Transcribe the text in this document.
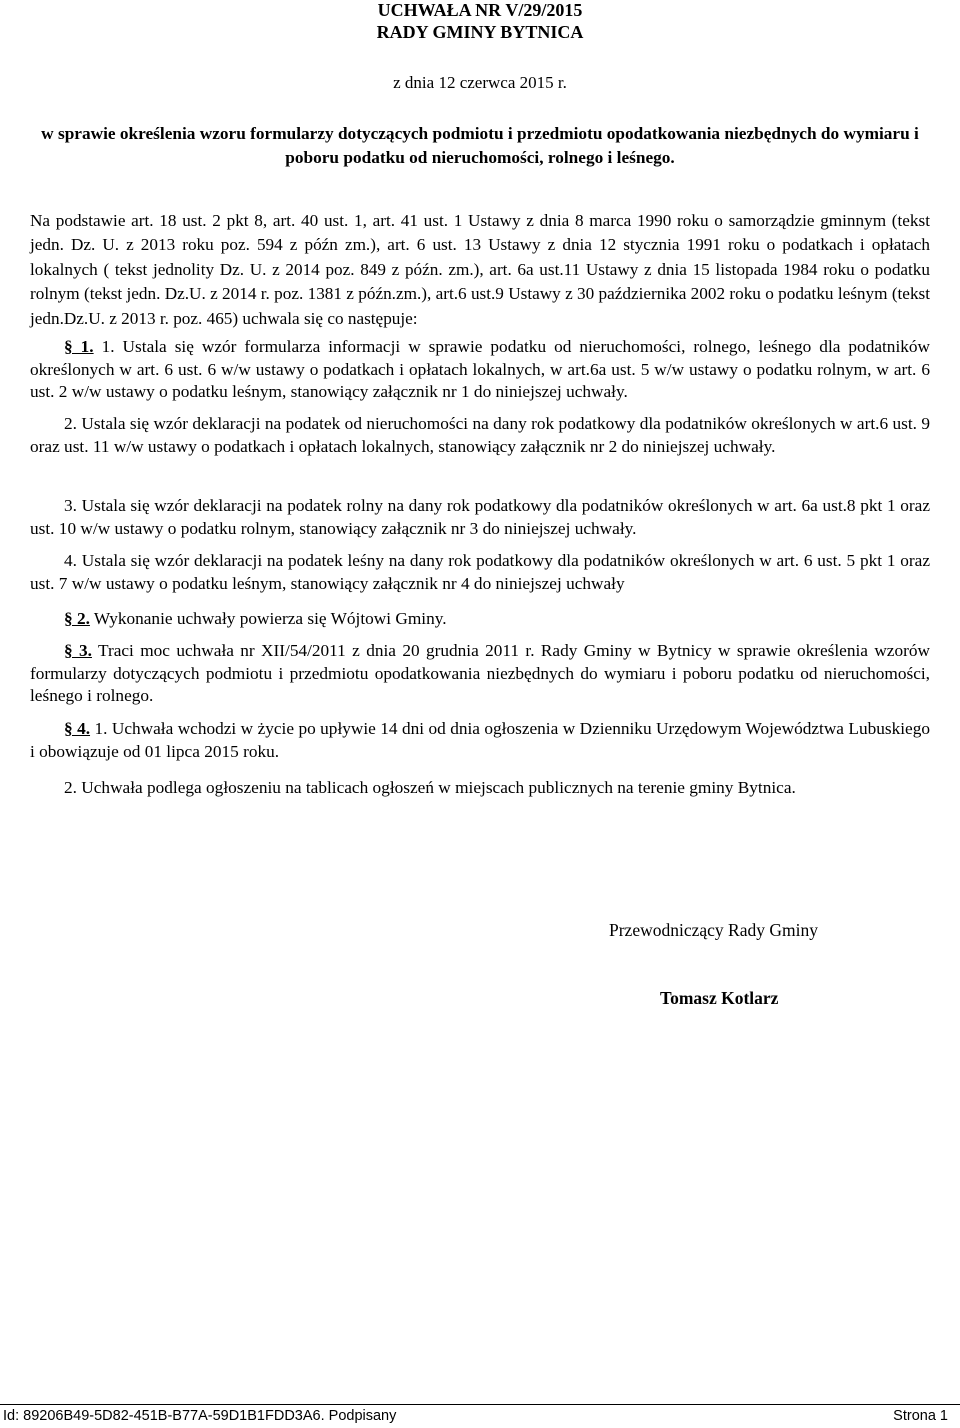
UCHWAŁA NR V/29/2015
RADY GMINY BYTNICA
z dnia 12 czerwca 2015 r.
w sprawie określenia wzoru formularzy dotyczących podmiotu i przedmiotu opodatkowania niezbędnych do wymiaru i poboru podatku od nieruchomości, rolnego i leśnego.
Na podstawie art. 18 ust. 2 pkt 8, art. 40 ust. 1, art. 41 ust. 1 Ustawy z dnia 8 marca 1990 roku o samorządzie gminnym (tekst jedn. Dz. U. z 2013 roku poz. 594 z późn zm.), art. 6 ust. 13 Ustawy z dnia 12 stycznia 1991 roku o podatkach i opłatach lokalnych ( tekst jednolity Dz. U. z 2014 poz. 849 z późn. zm.), art. 6a ust.11 Ustawy z dnia 15 listopada 1984 roku o podatku rolnym (tekst jedn. Dz.U. z 2014 r. poz. 1381 z późn.zm.), art.6 ust.9 Ustawy z 30 października 2002 roku o podatku leśnym (tekst jedn.Dz.U. z 2013 r. poz. 465) uchwala się co następuje:

§ 1. 1. Ustala się wzór formularza informacji w sprawie podatku od nieruchomości, rolnego, leśnego dla podatników określonych w art. 6 ust. 6 w/w ustawy o podatkach i opłatach lokalnych, w art.6a ust. 5 w/w ustawy o podatku rolnym, w art. 6 ust. 2 w/w ustawy o podatku leśnym, stanowiący załącznik nr 1 do niniejszej uchwały.

2. Ustala się wzór deklaracji na podatek od nieruchomości na dany rok podatkowy dla podatników określonych w art.6 ust. 9 oraz ust. 11 w/w ustawy o podatkach i opłatach lokalnych, stanowiący załącznik nr 2 do niniejszej uchwały.

3. Ustala się wzór deklaracji na podatek rolny na dany rok podatkowy dla podatników określonych w art. 6a ust.8 pkt 1 oraz ust. 10 w/w ustawy o podatku rolnym, stanowiący załącznik nr 3 do niniejszej uchwały.

4. Ustala się wzór deklaracji na podatek leśny na dany rok podatkowy dla podatników określonych w art. 6 ust. 5 pkt 1 oraz ust. 7 w/w ustawy o podatku leśnym, stanowiący załącznik nr 4 do niniejszej uchwały

§ 2. Wykonanie uchwały powierza się Wójtowi Gminy.

§ 3. Traci moc uchwała nr XII/54/2011 z dnia 20 grudnia 2011 r. Rady Gminy w Bytnicy w sprawie określenia wzorów formularzy dotyczących podmiotu i przedmiotu opodatkowania niezbędnych do wymiaru i poboru podatku od nieruchomości, leśnego i rolnego.

§ 4. 1. Uchwała wchodzi w życie po upływie 14 dni od dnia ogłoszenia w Dzienniku Urzędowym Województwa Lubuskiego i obowiązuje od 01 lipca 2015 roku.

2. Uchwała podlega ogłoszeniu na tablicach ogłoszeń w miejscach publicznych na terenie gminy Bytnica.

Przewodniczący Rady Gminy
Tomasz Kotlarz
Id: 89206B49-5D82-451B-B77A-59D1B1FDD3A6. Podpisany	Strona 1
